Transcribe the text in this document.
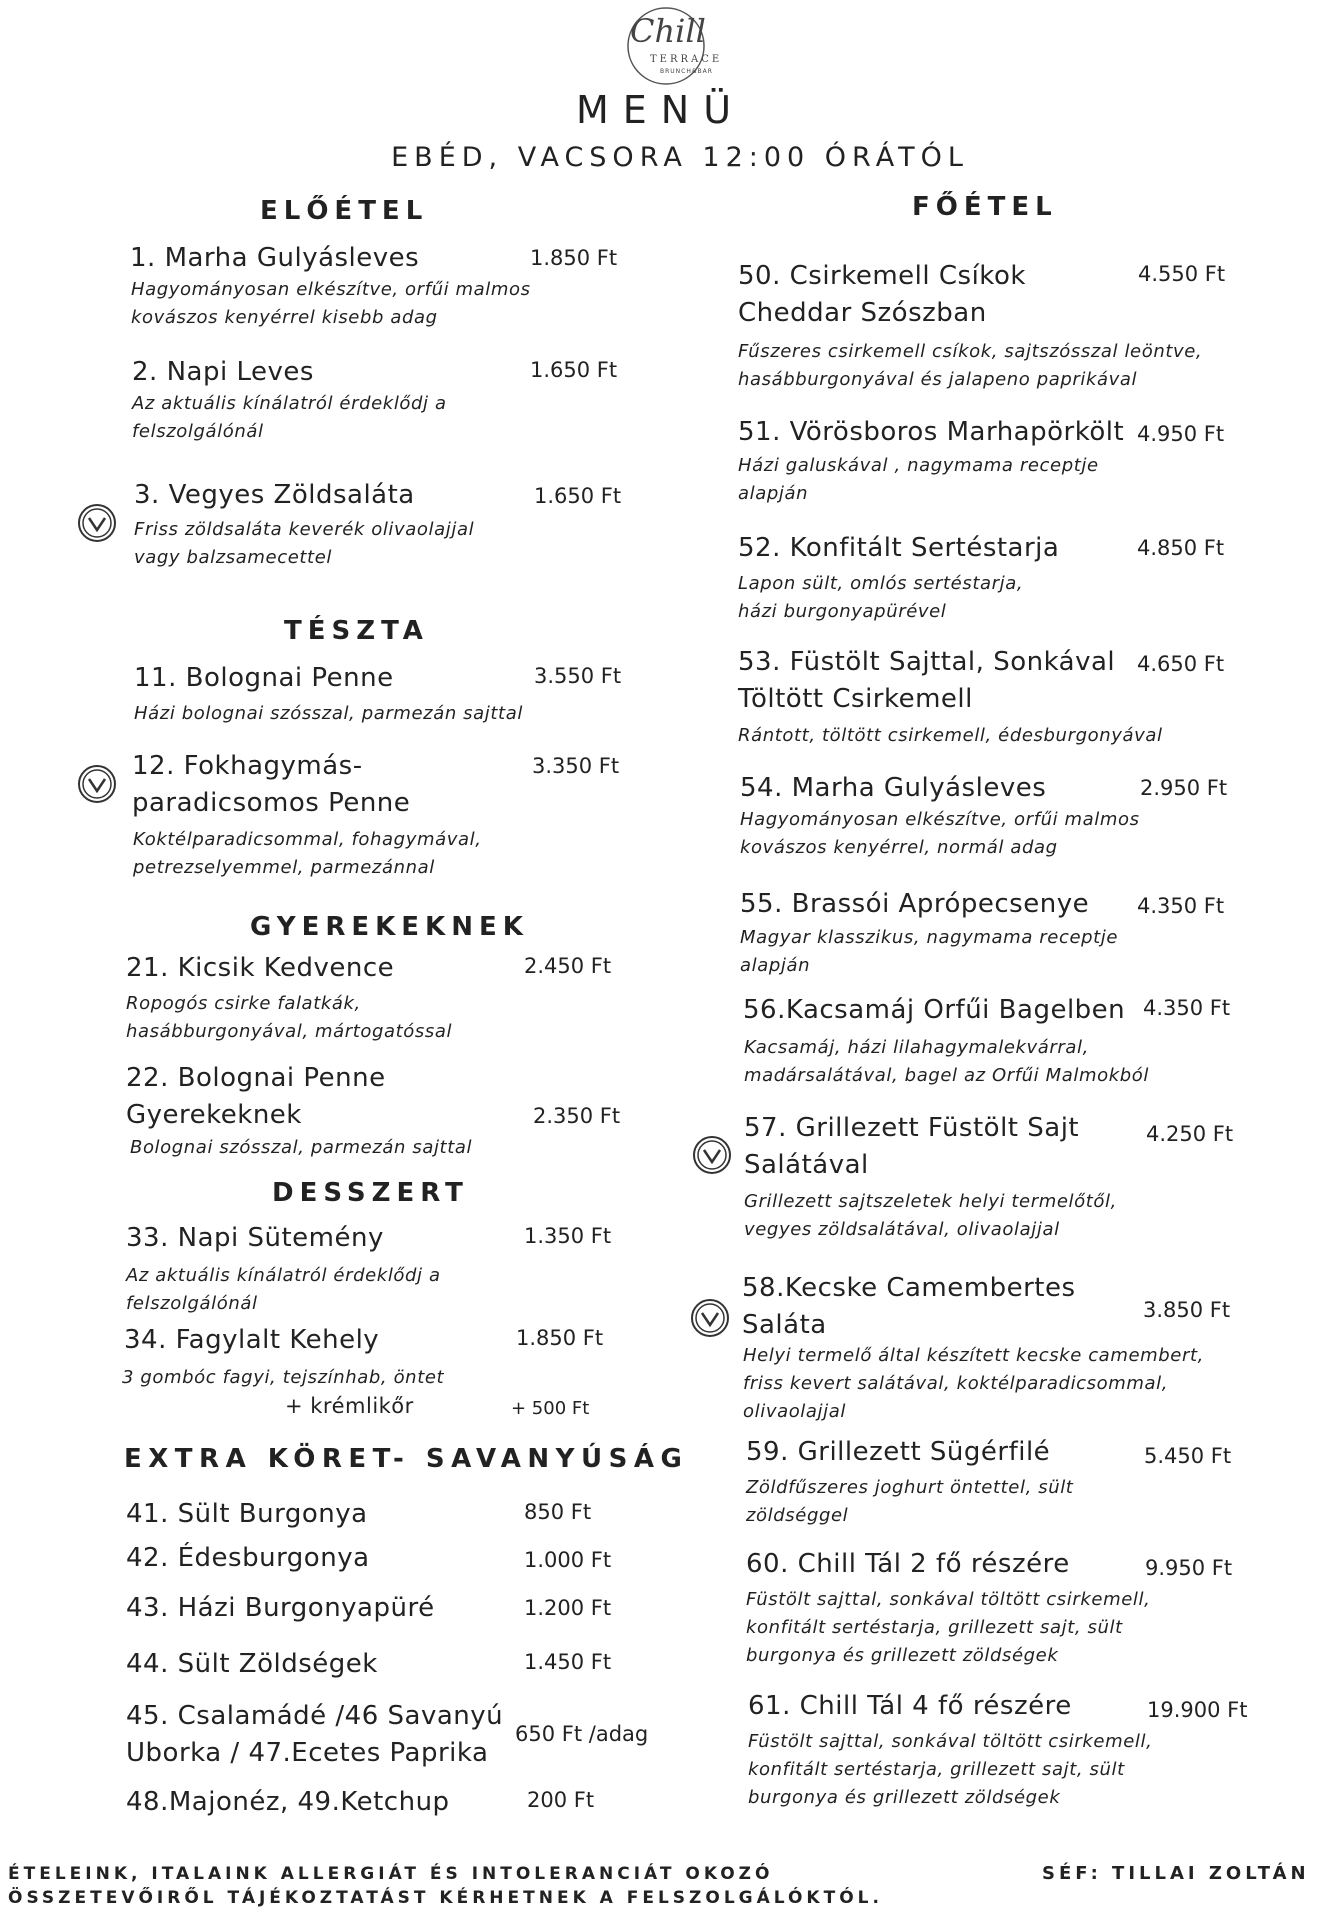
Chill
TERRACE
BRUNCH&BAR
MENÜ
EBÉD, VACSORA 12:00 ÓRÁTÓL
ELŐÉTEL
1. Marha Gulyásleves	1.850 Ft
Hagyományosan elkészítve, orfűi malmos kovászos kenyérrel kisebb adag
2. Napi Leves	1.650 Ft
Az aktuális kínálatról érdeklődj a felszolgálónál
3. Vegyes Zöldsaláta	1.650 Ft
Friss zöldsaláta keverék olivaolajjal vagy balzsamecettel
TÉSZTA
11. Bolognai Penne	3.550 Ft
Házi bolognai szósszal, parmezán sajttal
12. Fokhagymás-paradicsomos Penne
3.350 Ft
Koktélparadicsommal, fohagymával, petrezselyemmel, parmezánnal
GYEREKEKNEK
21. Kicsik Kedvence	2.450 Ft
Ropogós csirke falatkák, hasábburgonyával, mártogatóssal
22. Bolognai Penne Gyerekeknek	2.350 Ft
Bolognai szósszal, parmezán sajttal
DESSZERT
33. Napi Sütemény	1.350 Ft
Az aktuális kínálatról érdeklődj a felszolgálónál
34. Fagylalt Kehely	1.850 Ft
3 gombóc fagyi, tejszínhab, öntet
+ krémlikőr	+ 500 Ft
EXTRA KÖRET- SAVANYÚSÁG
41. Sült Burgonya	850 Ft
42. Édesburgonya	1.000 Ft
43. Házi Burgonyapüré	1.200 Ft
44. Sült Zöldségek	1.450 Ft
45. Csalamádé /46 Savanyú Uborka / 47.Ecetes Paprika
650 Ft /adag
48.Majonéz, 49.Ketchup	200 Ft
FŐÉTEL
50. Csirkemell Csíkok Cheddar Szószban
4.550 Ft
Fűszeres csirkemell csíkok, sajtszósszal leöntve, hasábburgonyával és jalapeno paprikával
51. Vörösboros Marhapörkölt 4.950 Ft
Házi galuskával , nagymama receptje alapján
52. Konfitált Sertéstarja	4.850 Ft
Lapon sült, omlós sertéstarja, házi burgonyapürével
53. Füstölt Sajttal, Sonkával Töltött Csirkemell
4.650 Ft
Rántott, töltött csirkemell, édesburgonyával
54. Marha Gulyásleves	2.950 Ft
Hagyományosan elkészítve, orfűi malmos kovászos kenyérrel, normál adag
55. Brassói Aprópecsenye 4.350 Ft
Magyar klasszikus, nagymama receptje alapján
56.Kacsamáj Orfűi Bagelben 4.350 Ft
Kacsamáj, házi lilahagymalekvárral, madársalátával, bagel az Orfűi Malmokból
57. Grillezett Füstölt Sajt Salátával
4.250 Ft
Grillezett sajtszeletek helyi termelőtől, vegyes zöldsalátával, olivaolajjal
58.Kecske Camembertes Saláta	3.850 Ft
Helyi termelő által készített kecske camembert, friss kevert salátával, koktélparadicsommal, olivaolajjal
59. Grillezett Sügérfilé	5.450 Ft
Zöldfűszeres joghurt öntettel, sült zöldséggel
60. Chill Tál 2 fő részére	9.950 Ft
Füstölt sajttal, sonkával töltött csirkemell, konfitált sertéstarja, grillezett sajt, sült burgonya és grillezett zöldségek
61. Chill Tál 4 fő részére	19.900 Ft
Füstölt sajttal, sonkával töltött csirkemell, konfitált sertéstarja, grillezett sajt, sült burgonya és grillezett zöldségek
ÉTELEINK, ITALAINK ALLERGIÁT ÉS INTOLERANCIÁT OKOZÓ ÖSSZETEVŐIRŐL TÁJÉKOZTATÁST KÉRHETNEK A FELSZOLGÁLÓKTÓL.
SÉF: TILLAI ZOLTÁN
